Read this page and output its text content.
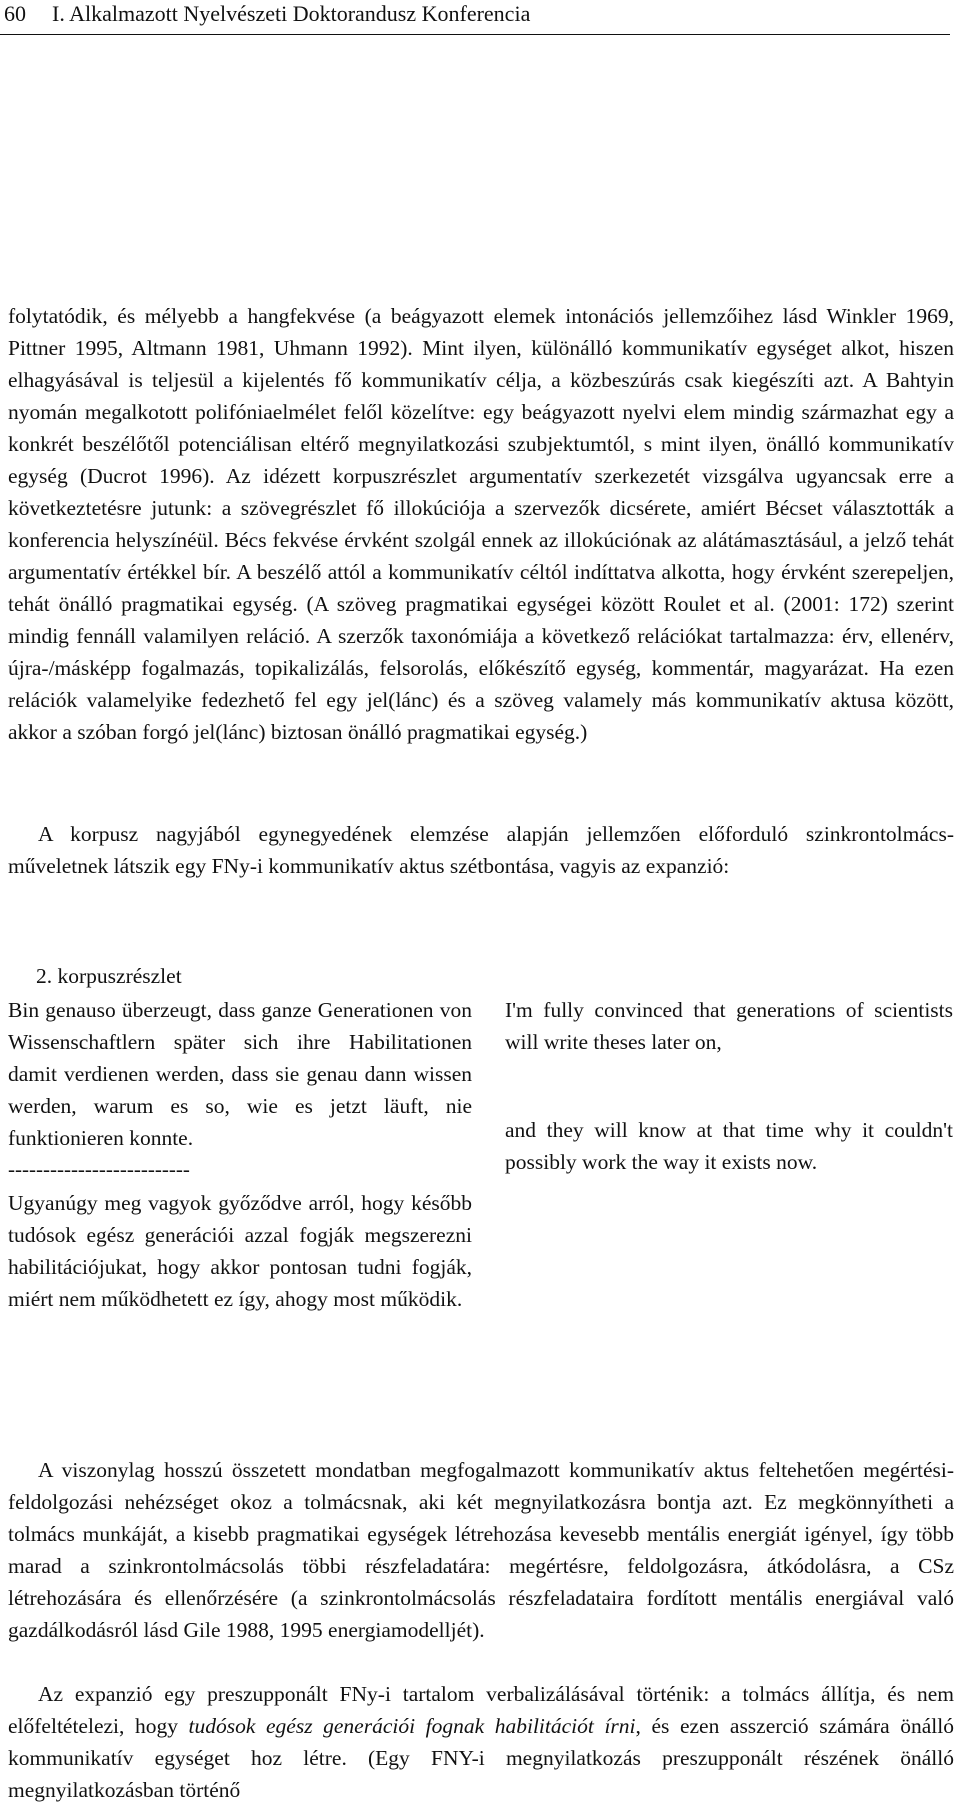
60 I. Alkalmazott Nyelvészeti Doktorandusz Konferencia

folytatódik, és mélyebb a hangfekvése (a beágyazott elemek intonációs jellemzőihez lásd Winkler 1969, Pittner 1995, Altmann 1981, Uhmann 1992). Mint ilyen, különálló kommunikatív egységet alkot, hiszen elhagyásával is teljesül a kijelentés fő kommunikatív célja, a közbeszúrás csak kiegészíti azt. A Bahtyin nyomán megalkotott polifóniaelmélet felől közelítve: egy beágyazott nyelvi elem mindig származhat egy a konkrét beszélőtől potenciálisan eltérő megnyilatkozási szubjektumtól, s mint ilyen, önálló kommunikatív egység (Ducrot 1996). Az idézett korpuszrészlet argumentatív szerkezetét vizsgálva ugyancsak erre a következtetésre jutunk: a szövegrészlet fő illokúciója a szervezők dicsérete, amiért Bécset választották a konferencia helyszínéül. Bécs fekvése érvként szolgál ennek az illokúciónak az alátámasztásául, a jelző tehát argumentatív értékkel bír. A beszélő attól a kommunikatív céltól indíttatva alkotta, hogy érvként szerepeljen, tehát önálló pragmatikai egység. (A szöveg pragmatikai egységei között Roulet et al. (2001: 172) szerint mindig fennáll valamilyen reláció. A szerzők taxonómiája a következő relációkat tartalmazza: érv, ellenérv, újra-/másképp fogalmazás, topikalizálás, felsorolás, előkészítő egység, kommentár, magyarázat. Ha ezen relációk valamelyike fedezhető fel egy jel(lánc) és a szöveg valamely más kommunikatív aktusa között, akkor a szóban forgó jel(lánc) biztosan önálló pragmatikai egység.)

A korpusz nagyjából egynegyedének elemzése alapján jellemzően előforduló szinkrontolmács-műveletnek látszik egy FNy-i kommunikatív aktus szétbontása, vagyis az expanzió:

2. korpuszrészlet

Bin genauso überzeugt, dass ganze Generationen von Wissenschaftlern später sich ihre Habilitationen damit verdienen werden, dass sie genau dann wissen werden, warum es so, wie es jetzt läuft, nie funktionieren konnte.

--------------------------

Ugyanúgy meg vagyok győződve arról, hogy később tudósok egész generációi azzal fogják megszerezni habilitációjukat, hogy akkor pontosan tudni fogják, miért nem működhetett ez így, ahogy most működik.

I'm fully convinced that generations of scientists will write theses later on,

and they will know at that time why it couldn't possibly work the way it exists now.

A viszonylag hosszú összetett mondatban megfogalmazott kommunikatív aktus feltehetően megértési-feldolgozási nehézséget okoz a tolmácsnak, aki két megnyilatkozásra bontja azt. Ez megkönnyítheti a tolmács munkáját, a kisebb pragmatikai egységek létrehozása kevesebb mentális energiát igényel, így több marad a szinkrontolmácsolás többi részfeladatára: megértésre, feldolgozásra, átkódolásra, a CSz létrehozására és ellenőrzésére (a szinkrontolmácsolás részfeladataira fordított mentális energiával való gazdálkodásról lásd Gile 1988, 1995 energiamodelljét).

Az expanzió egy preszupponált FNy-i tartalom verbalizálásával történik: a tolmács állítja, és nem előfeltételezi, hogy tudósok egész generációi fognak habilitációt írni, és ezen asszerció számára önálló kommunikatív egységet hoz létre. (Egy FNY-i megnyilatkozás preszupponált részének önálló megnyilatkozásban történő
